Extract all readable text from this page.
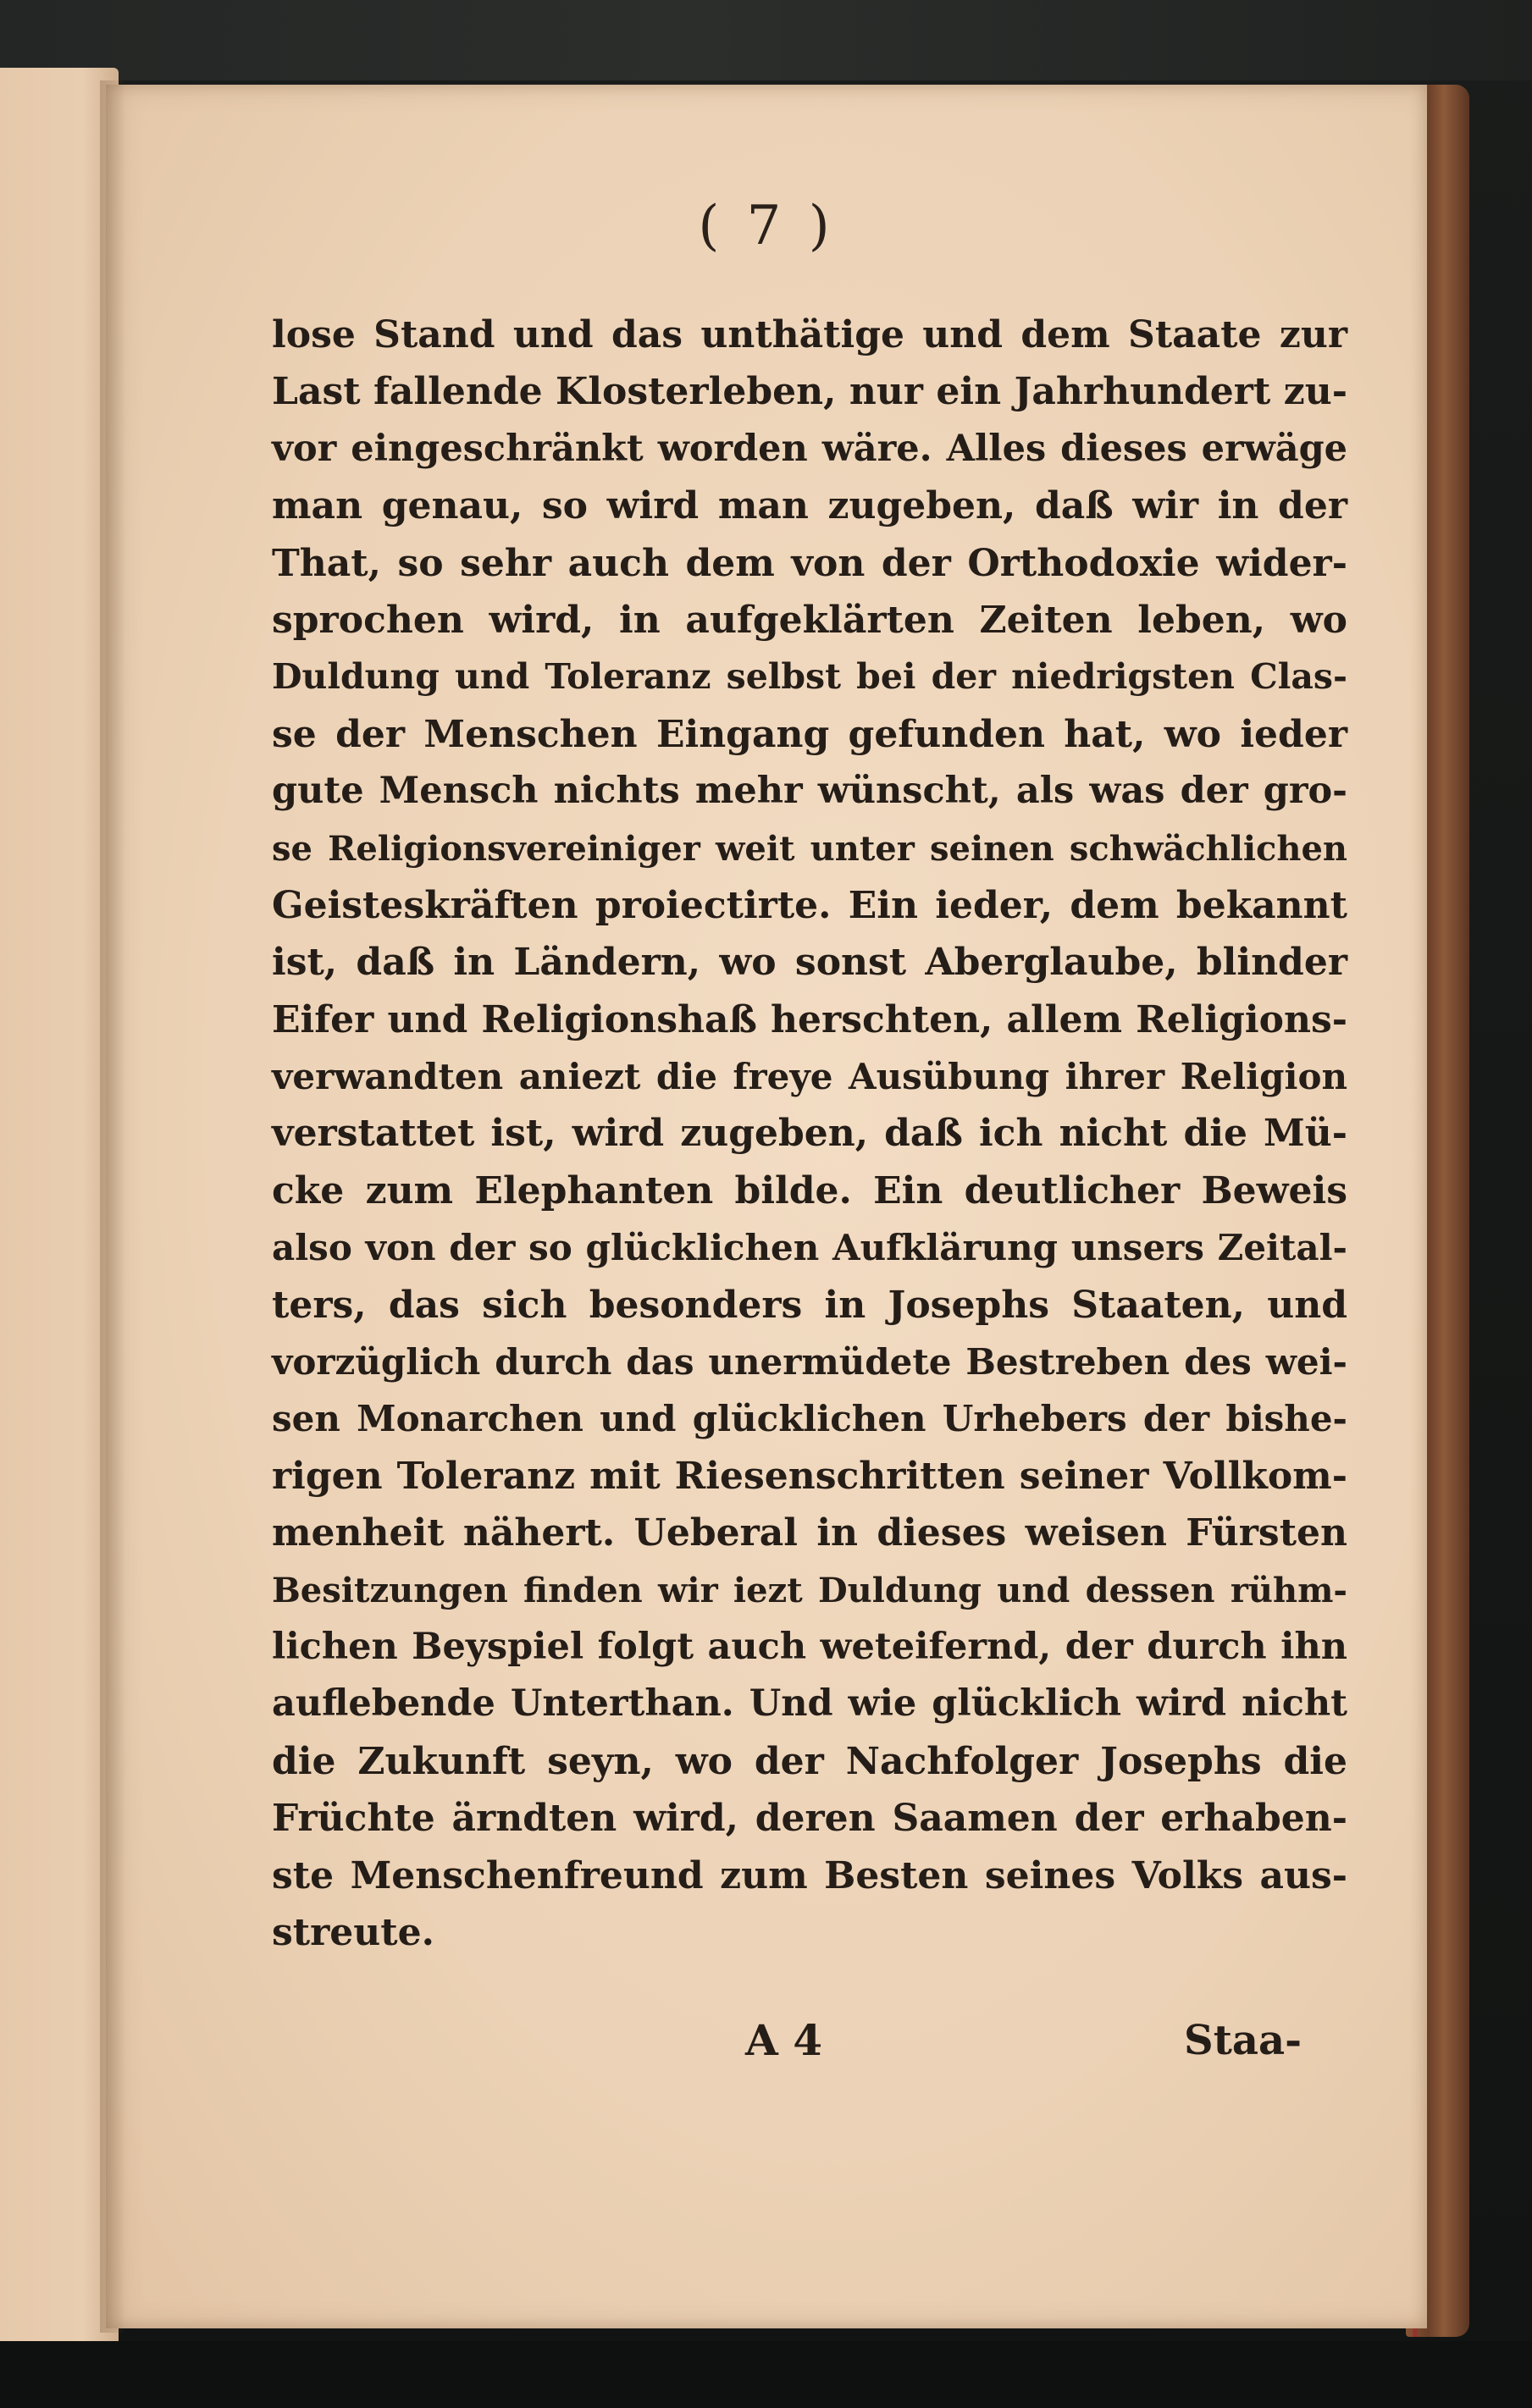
( 7 )
lose Stand und das unthätige und dem Staate zur
Last fallende Klosterleben, nur ein Jahrhundert zu-
vor eingeschränkt worden wäre. Alles dieses erwäge
man genau, so wird man zugeben, daß wir in der
That, so sehr auch dem von der Orthodoxie wider-
sprochen wird, in aufgeklärten Zeiten leben, wo
Duldung und Toleranz selbst bei der niedrigsten Clas-
se der Menschen Eingang gefunden hat, wo ieder
gute Mensch nichts mehr wünscht, als was der gro-
se Religionsvereiniger weit unter seinen schwächlichen
Geisteskräften proiectirte. Ein ieder, dem bekannt
ist, daß in Ländern, wo sonst Aberglaube, blinder
Eifer und Religionshaß herschten, allem Religions-
verwandten aniezt die freye Ausübung ihrer Religion
verstattet ist, wird zugeben, daß ich nicht die Mü-
cke zum Elephanten bilde. Ein deutlicher Beweis
also von der so glücklichen Aufklärung unsers Zeital-
ters, das sich besonders in Josephs Staaten, und
vorzüglich durch das unermüdete Bestreben des wei-
sen Monarchen und glücklichen Urhebers der bishe-
rigen Toleranz mit Riesenschritten seiner Vollkom-
menheit nähert. Ueberal in dieses weisen Fürsten
Besitzungen finden wir iezt Duldung und dessen rühm-
lichen Beyspiel folgt auch weteifernd, der durch ihn
auflebende Unterthan. Und wie glücklich wird nicht
die Zukunft seyn, wo der Nachfolger Josephs die
Früchte ärndten wird, deren Saamen der erhaben-
ste Menschenfreund zum Besten seines Volks aus-
streute.
A 4	Staa-
